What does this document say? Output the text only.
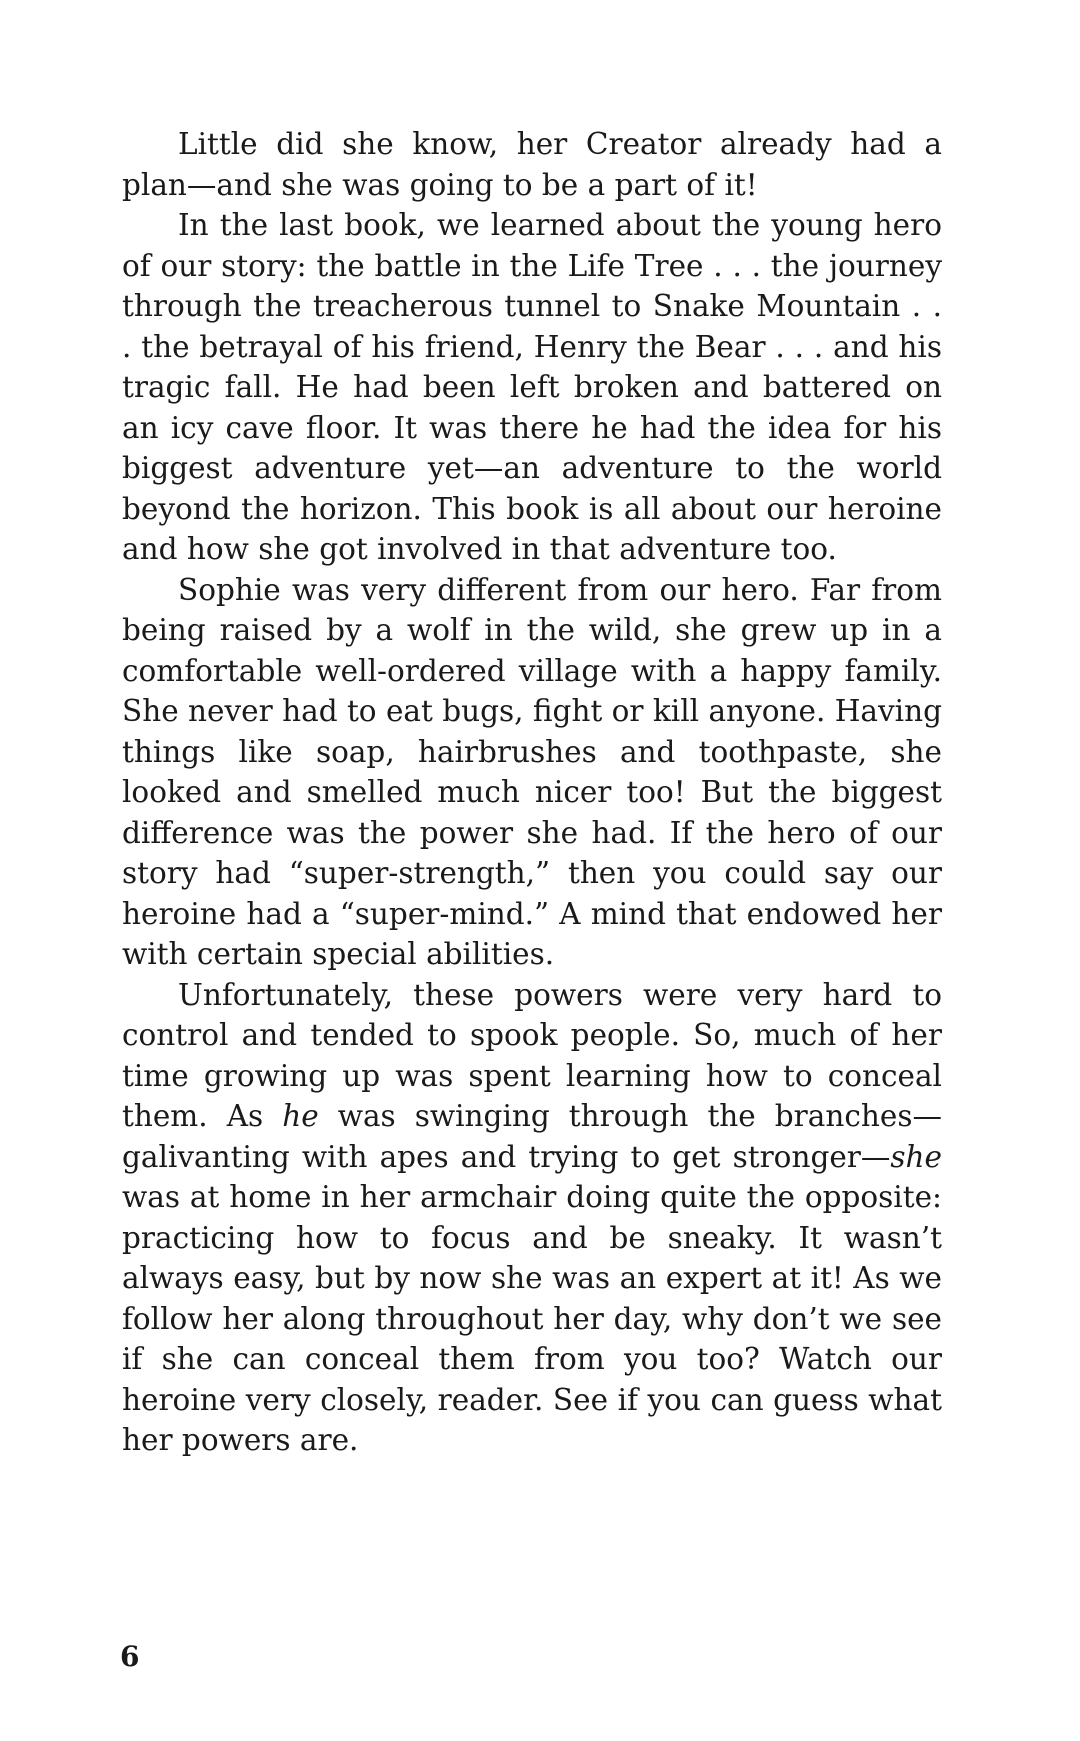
Little did she know, her Creator already had a plan—and she was going to be a part of it!

In the last book, we learned about the young hero of our story: the battle in the Life Tree . . . the journey through the treacherous tunnel to Snake Mountain . . . the betrayal of his friend, Henry the Bear . . . and his tragic fall. He had been left broken and battered on an icy cave floor. It was there he had the idea for his biggest adventure yet—an adventure to the world beyond the horizon. This book is all about our heroine and how she got involved in that adventure too.

Sophie was very different from our hero. Far from being raised by a wolf in the wild, she grew up in a comfortable well-ordered village with a happy family. She never had to eat bugs, fight or kill anyone. Having things like soap, hairbrushes and toothpaste, she looked and smelled much nicer too! But the biggest difference was the power she had. If the hero of our story had “super-strength,” then you could say our heroine had a “super-mind.” A mind that endowed her with certain special abilities.

Unfortunately, these powers were very hard to control and tended to spook people. So, much of her time growing up was spent learning how to conceal them. As he was swinging through the branches—galivanting with apes and trying to get stronger—she was at home in her armchair doing quite the opposite: practicing how to focus and be sneaky. It wasn’t always easy, but by now she was an expert at it! As we follow her along throughout her day, why don’t we see if she can conceal them from you too? Watch our heroine very closely, reader. See if you can guess what her powers are.

6
